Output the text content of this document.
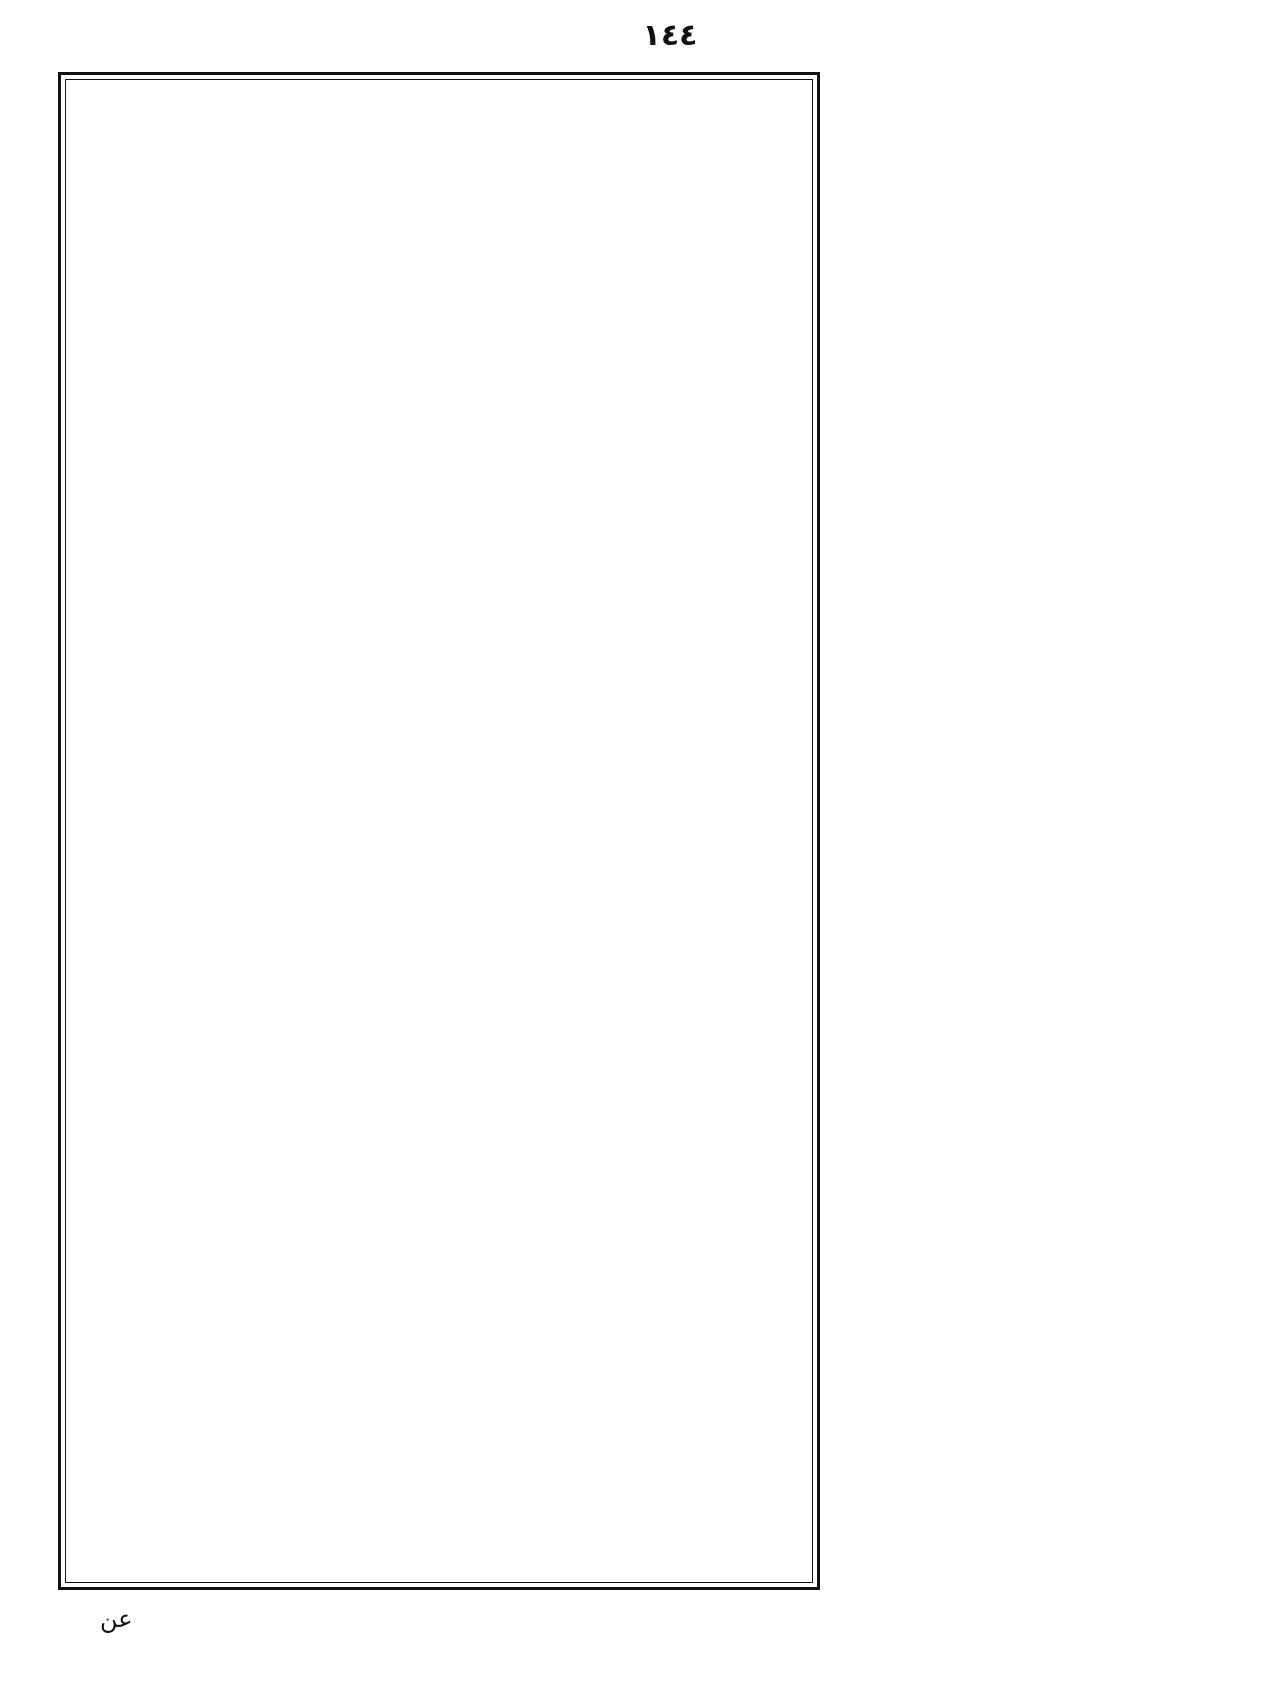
١٤٤
عن
